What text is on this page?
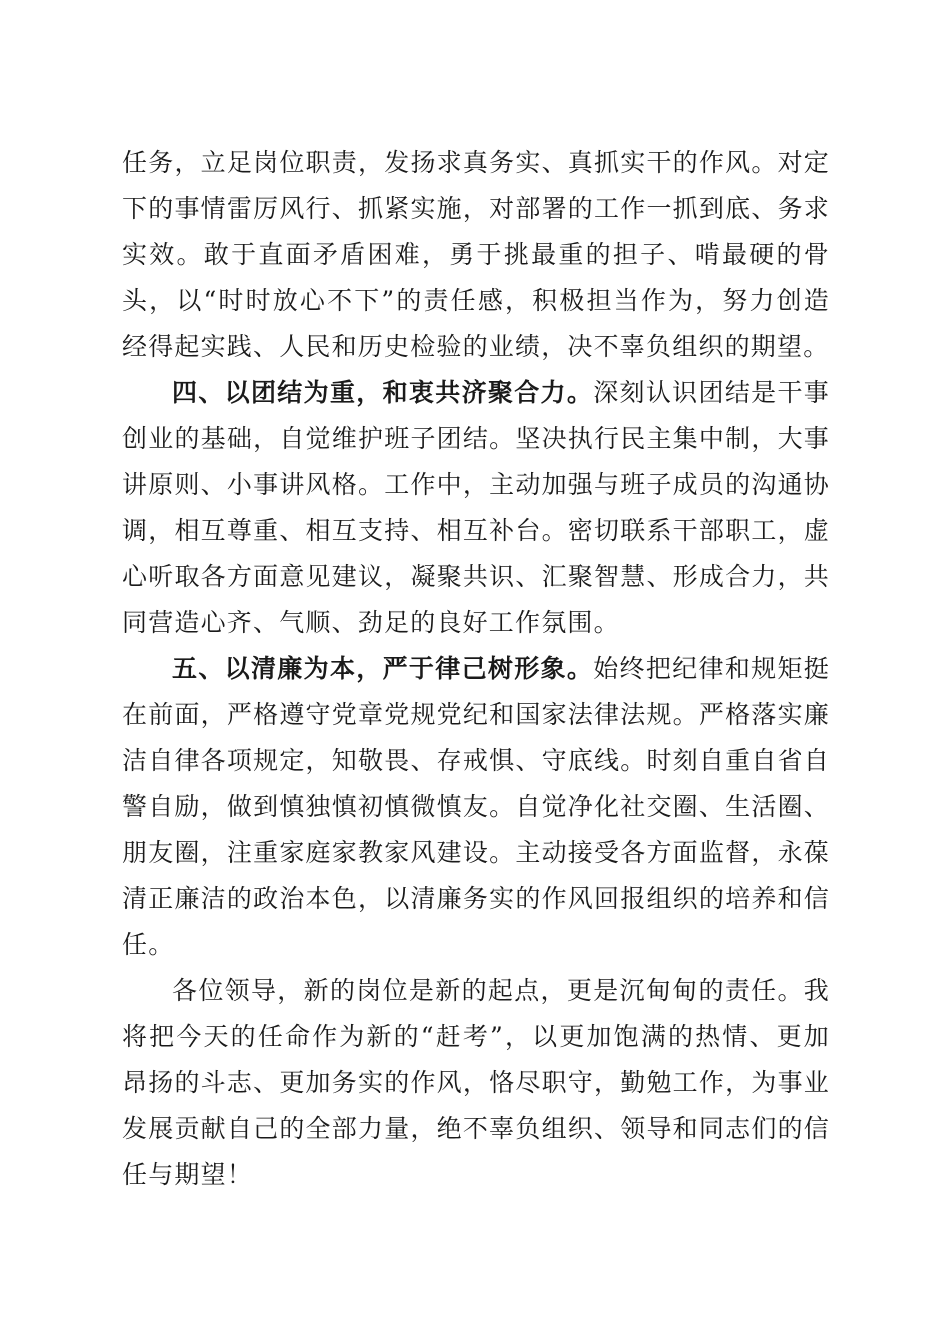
任务，立足岗位职责，发扬求真务实、真抓实干的作风。对定下的事情雷厉风行、抓紧实施，对部署的工作一抓到底、务求实效。敢于直面矛盾困难，勇于挑最重的担子、啃最硬的骨头，以“时时放心不下”的责任感，积极担当作为，努力创造经得起实践、人民和历史检验的业绩，决不辜负组织的期望。

四、以团结为重，和衷共济聚合力。深刻认识团结是干事创业的基础，自觉维护班子团结。坚决执行民主集中制，大事讲原则、小事讲风格。工作中，主动加强与班子成员的沟通协调，相互尊重、相互支持、相互补台。密切联系干部职工，虚心听取各方面意见建议，凝聚共识、汇聚智慧、形成合力，共同营造心齐、气顺、劲足的良好工作氛围。

五、以清廉为本，严于律己树形象。始终把纪律和规矩挺在前面，严格遵守党章党规党纪和国家法律法规。严格落实廉洁自律各项规定，知敬畏、存戒惧、守底线。时刻自重自省自警自励，做到慎独慎初慎微慎友。自觉净化社交圈、生活圈、朋友圈，注重家庭家教家风建设。主动接受各方面监督，永葆清正廉洁的政治本色，以清廉务实的作风回报组织的培养和信任。

各位领导，新的岗位是新的起点，更是沉甸甸的责任。我将把今天的任命作为新的“赶考”，以更加饱满的热情、更加昂扬的斗志、更加务实的作风，恪尽职守，勤勉工作，为事业发展贡献自己的全部力量，绝不辜负组织、领导和同志们的信任与期望！
